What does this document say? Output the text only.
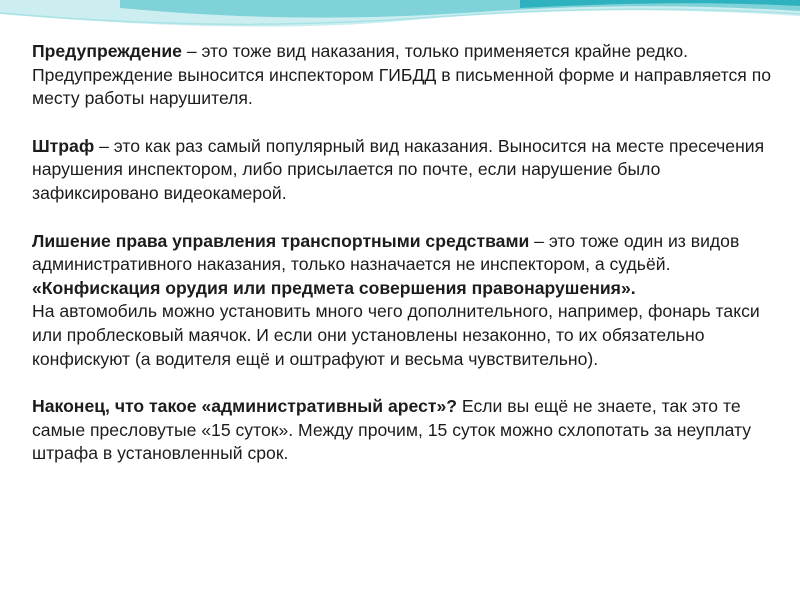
Предупреждение – это тоже вид наказания, только применяется крайне редко. Предупреждение выносится инспектором ГИБДД в письменной форме и направляется по месту работы нарушителя.

Штраф – это как раз самый популярный вид наказания. Выносится на месте пресечения нарушения инспектором, либо присылается по почте, если нарушение было зафиксировано видеокамерой.

Лишение права управления транспортными средствами – это тоже один из видов административного наказания, только назначается не инспектором, а судьёй.

«Конфискация орудия или предмета совершения правонарушения».

На автомобиль можно установить много чего дополнительного, например, фонарь такси или проблесковый маячок. И если они установлены незаконно, то их обязательно конфискуют (а водителя ещё и оштрафуют и весьма чувствительно).

Наконец, что такое «административный арест»? Если вы ещё не знаете, так это те самые пресловутые «15 суток». Между прочим, 15 суток можно схлопотать за неуплату штрафа в установленный срок.
